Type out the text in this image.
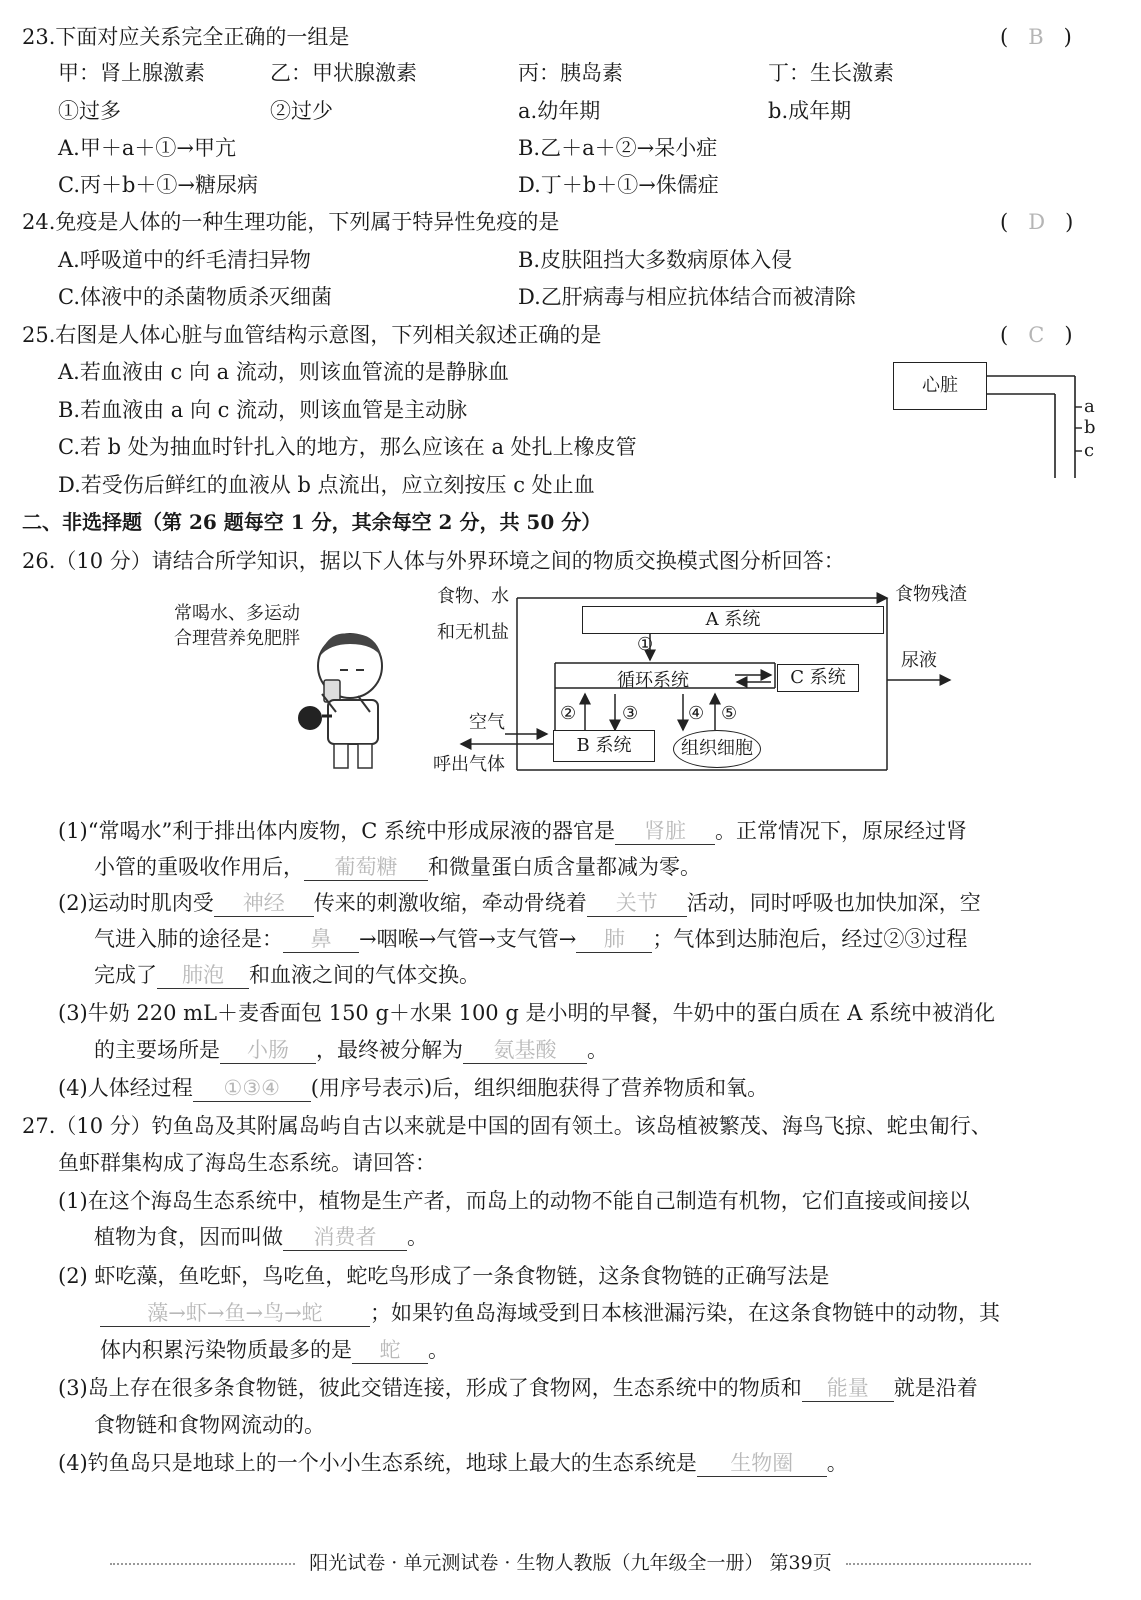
23.下面对应关系完全正确的一组是	(   B   )
甲：肾上腺激素	乙：甲状腺激素	丙：胰岛素	丁：生长激素
①过多	②过少	a.幼年期	b.成年期
A.甲＋a＋①→甲亢	B.乙＋a＋②→呆小症
C.丙＋b＋①→糖尿病	D.丁＋b＋①→侏儒症
24.免疫是人体的一种生理功能，下列属于特异性免疫的是	(   D   )
A.呼吸道中的纤毛清扫异物	B.皮肤阻挡大多数病原体入侵
C.体液中的杀菌物质杀灭细菌	D.乙肝病毒与相应抗体结合而被清除
25.右图是人体心脏与血管结构示意图，下列相关叙述正确的是	(   C   )
A.若血液由 c 向 a 流动，则该血管流的是静脉血
B.若血液由 a 向 c 流动，则该血管是主动脉
C.若 b 处为抽血时针扎入的地方，那么应该在 a 处扎上橡皮管
D.若受伤后鲜红的血液从 b 点流出，应立刻按压 c 处止血
心脏
a
b
c
二、非选择题（第 26 题每空 1 分，其余每空 2 分，共 50 分）
26.（10 分）请结合所学知识，据以下人体与外界环境之间的物质交换模式图分析回答：
常喝水、多运动
合理营养免肥胖
食物、水
和无机盐
食物残渣
A 系统
①
循环系统	C 系统
尿液
②	③	④ ⑤
空气
B 系统	组织细胞
呼出气体
(1)“常喝水”利于排出体内废物，C 系统中形成尿液的器官是 肾脏 。正常情况下，原尿经过肾
小管的重吸收作用后， 葡萄糖 和微量蛋白质含量都减为零。
(2)运动时肌肉受 神经 传来的刺激收缩，牵动骨绕着 关节 活动，同时呼吸也加快加深，空
气进入肺的途径是： 鼻 →咽喉→气管→支气管→ 肺 ；气体到达肺泡后，经过②③过程
完成了 肺泡 和血液之间的气体交换。
(3)牛奶 220 mL＋麦香面包 150 g＋水果 100 g 是小明的早餐，牛奶中的蛋白质在 A 系统中被消化
的主要场所是 小肠 ，最终被分解为 氨基酸 。
(4)人体经过程 ①③④ (用序号表示)后，组织细胞获得了营养物质和氧。
27.（10 分）钓鱼岛及其附属岛屿自古以来就是中国的固有领土。该岛植被繁茂、海鸟飞掠、蛇虫匍行、
鱼虾群集构成了海岛生态系统。请回答：
(1)在这个海岛生态系统中，植物是生产者，而岛上的动物不能自己制造有机物，它们直接或间接以
植物为食，因而叫做 消费者 。
(2) 虾吃藻，鱼吃虾，鸟吃鱼，蛇吃鸟形成了一条食物链，这条食物链的正确写法是
藻→虾→鱼→鸟→蛇 ；如果钓鱼岛海域受到日本核泄漏污染，在这条食物链中的动物，其
体内积累污染物质最多的是 蛇 。
(3)岛上存在很多条食物链，彼此交错连接，形成了食物网，生态系统中的物质和 能量 就是沿着
食物链和食物网流动的。
(4)钓鱼岛只是地球上的一个小小生态系统，地球上最大的生态系统是 生物圈 。
阳光试卷 · 单元测试卷 · 生物人教版（九年级全一册） 第39页
